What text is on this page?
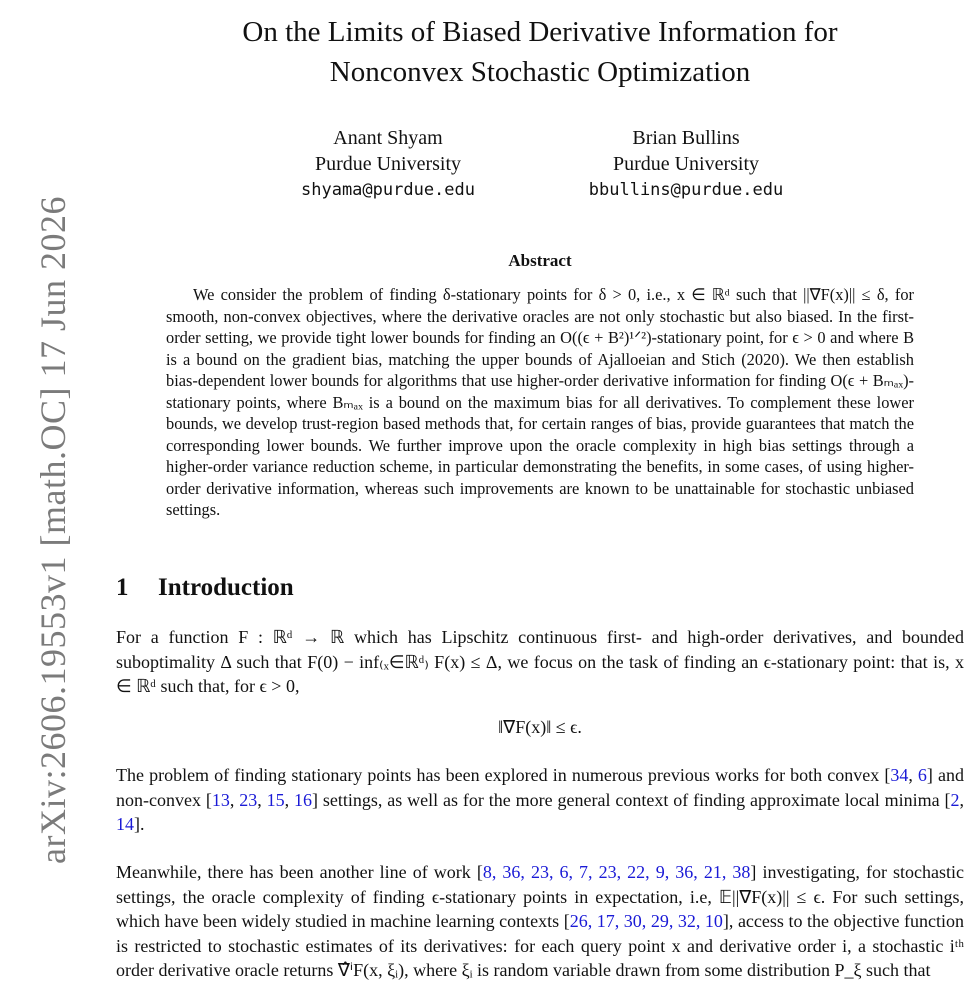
arXiv:2606.19553v1 [math.OC] 17 Jun 2026
On the Limits of Biased Derivative Information for
Nonconvex Stochastic Optimization
Anant Shyam
Purdue University
shyama@purdue.edu
Brian Bullins
Purdue University
bbullins@purdue.edu
Abstract
We consider the problem of finding δ-stationary points for δ > 0, i.e., x ∈ ℝᵈ such that ||∇F(x)|| ≤ δ, for smooth, non-convex objectives, where the derivative oracles are not only stochastic but also biased. In the first-order setting, we provide tight lower bounds for finding an O((ϵ + B²)¹ᐟ²)-stationary point, for ϵ > 0 and where B is a bound on the gradient bias, matching the upper bounds of Ajalloeian and Stich (2020). We then establish bias-dependent lower bounds for algorithms that use higher-order derivative information for finding O(ϵ + Bₘₐₓ)-stationary points, where Bₘₐₓ is a bound on the maximum bias for all derivatives. To complement these lower bounds, we develop trust-region based methods that, for certain ranges of bias, provide guarantees that match the corresponding lower bounds. We further improve upon the oracle complexity in high bias settings through a higher-order variance reduction scheme, in particular demonstrating the benefits, in some cases, of using higher-order derivative information, whereas such improvements are known to be unattainable for stochastic unbiased settings.
1 Introduction
For a function F : ℝᵈ → ℝ which has Lipschitz continuous first- and high-order derivatives, and bounded suboptimality Δ such that F(0) − inf₍ₓ∈ℝᵈ₎ F(x) ≤ Δ, we focus on the task of finding an ϵ-stationary point: that is, x ∈ ℝᵈ such that, for ϵ > 0,
‖∇F(x)‖ ≤ ϵ.
The problem of finding stationary points has been explored in numerous previous works for both convex [34, 6] and non-convex [13, 23, 15, 16] settings, as well as for the more general context of finding approximate local minima [2, 14].
Meanwhile, there has been another line of work [8, 36, 23, 6, 7, 23, 22, 9, 36, 21, 38] investigating, for stochastic settings, the oracle complexity of finding ϵ-stationary points in expectation, i.e, 𝔼||∇F(x)|| ≤ ϵ. For such settings, which have been widely studied in machine learning contexts [26, 17, 30, 29, 32, 10], access to the objective function is restricted to stochastic estimates of its derivatives: for each query point x and derivative order i, a stochastic iᵗʰ order derivative oracle returns ∇̂ⁱF(x, ξᵢ), where ξᵢ is random variable drawn from some distribution P_ξ such that
